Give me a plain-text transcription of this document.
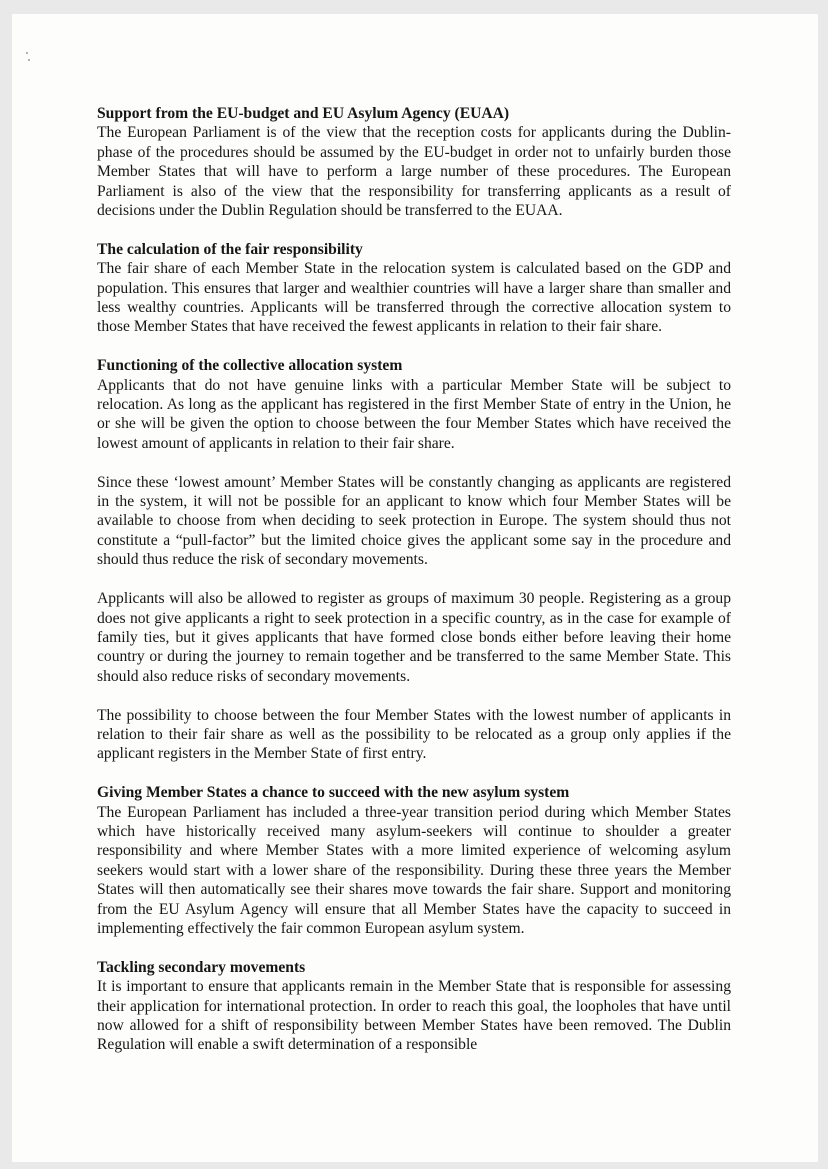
Support from the EU-budget and EU Asylum Agency (EUAA)

The European Parliament is of the view that the reception costs for applicants during the Dublin-phase of the procedures should be assumed by the EU-budget in order not to unfairly burden those Member States that will have to perform a large number of these procedures. The European Parliament is also of the view that the responsibility for transferring applicants as a result of decisions under the Dublin Regulation should be transferred to the EUAA.

The calculation of the fair responsibility

The fair share of each Member State in the relocation system is calculated based on the GDP and population. This ensures that larger and wealthier countries will have a larger share than smaller and less wealthy countries. Applicants will be transferred through the corrective allocation system to those Member States that have received the fewest applicants in relation to their fair share.

Functioning of the collective allocation system

Applicants that do not have genuine links with a particular Member State will be subject to relocation. As long as the applicant has registered in the first Member State of entry in the Union, he or she will be given the option to choose between the four Member States which have received the lowest amount of applicants in relation to their fair share.

Since these ‘lowest amount’ Member States will be constantly changing as applicants are registered in the system, it will not be possible for an applicant to know which four Member States will be available to choose from when deciding to seek protection in Europe. The system should thus not constitute a “pull-factor” but the limited choice gives the applicant some say in the procedure and should thus reduce the risk of secondary movements.

Applicants will also be allowed to register as groups of maximum 30 people. Registering as a group does not give applicants a right to seek protection in a specific country, as in the case for example of family ties, but it gives applicants that have formed close bonds either before leaving their home country or during the journey to remain together and be transferred to the same Member State. This should also reduce risks of secondary movements.

The possibility to choose between the four Member States with the lowest number of applicants in relation to their fair share as well as the possibility to be relocated as a group only applies if the applicant registers in the Member State of first entry.

Giving Member States a chance to succeed with the new asylum system

The European Parliament has included a three-year transition period during which Member States which have historically received many asylum-seekers will continue to shoulder a greater responsibility and where Member States with a more limited experience of welcoming asylum seekers would start with a lower share of the responsibility. During these three years the Member States will then automatically see their shares move towards the fair share. Support and monitoring from the EU Asylum Agency will ensure that all Member States have the capacity to succeed in implementing effectively the fair common European asylum system.

Tackling secondary movements

It is important to ensure that applicants remain in the Member State that is responsible for assessing their application for international protection. In order to reach this goal, the loopholes that have until now allowed for a shift of responsibility between Member States have been removed. The Dublin Regulation will enable a swift determination of a responsible
